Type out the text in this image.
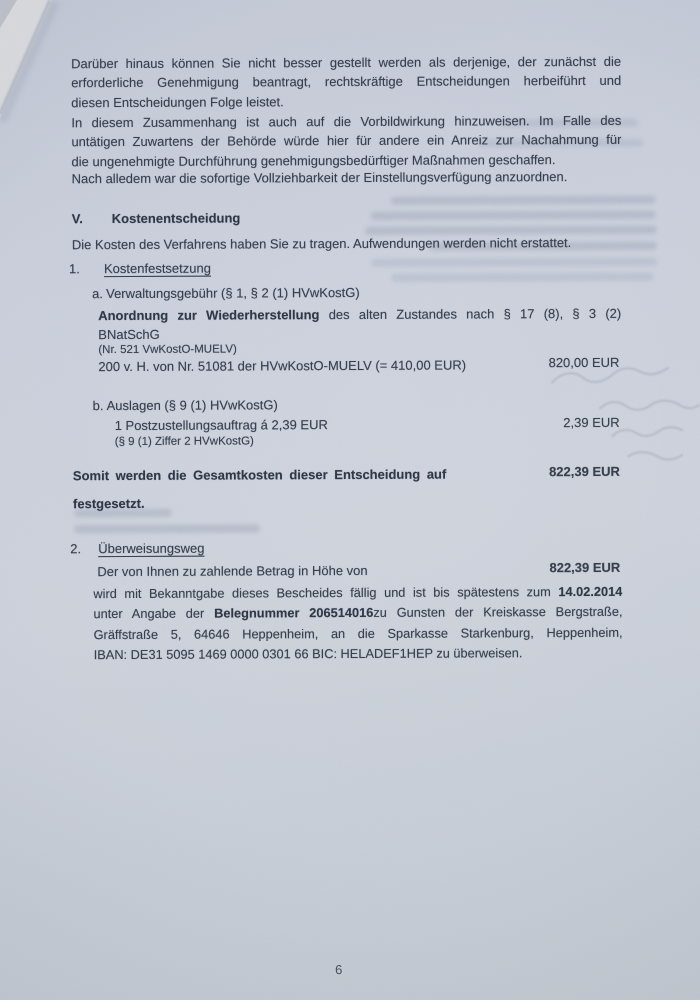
Darüber hinaus können Sie nicht besser gestellt werden als derjenige, der zunächst die
erforderliche Genehmigung beantragt, rechtskräftige Entscheidungen herbeiführt und
diesen Entscheidungen Folge leistet.
In diesem Zusammenhang ist auch auf die Vorbildwirkung hinzuweisen. Im Falle des
untätigen Zuwartens der Behörde würde hier für andere ein Anreiz zur Nachahmung für
die ungenehmigte Durchführung genehmigungsbedürftiger Maßnahmen geschaffen.
Nach alledem war die sofortige Vollziehbarkeit der Einstellungsverfügung anzuordnen.
V. Kostenentscheidung
Die Kosten des Verfahrens haben Sie zu tragen. Aufwendungen werden nicht erstattet.
1. Kostenfestsetzung
a. Verwaltungsgebühr (§ 1, § 2 (1) HVwKostG)
Anordnung zur Wiederherstellung des alten Zustandes nach § 17 (8), § 3 (2)
BNatSchG
(Nr. 521 VwKostO-MUELV)
200 v. H. von Nr. 51081 der HVwKostO-MUELV (= 410,00 EUR)	820,00 EUR
b. Auslagen (§ 9 (1) HVwKostG)
1 Postzustellungsauftrag á 2,39 EUR
(§ 9 (1) Ziffer 2 HVwKostG)
2,39 EUR
Somit werden die Gesamtkosten dieser Entscheidung auf	822,39 EUR
festgesetzt.
2. Überweisungsweg
Der von Ihnen zu zahlende Betrag in Höhe von	822,39 EUR
wird mit Bekanntgabe dieses Bescheides fällig und ist bis spätestens zum 14.02.2014
unter Angabe der Belegnummer 206514016zu Gunsten der Kreiskasse Bergstraße,
Gräffstraße 5, 64646 Heppenheim, an die Sparkasse Starkenburg, Heppenheim,
IBAN: DE31 5095 1469 0000 0301 66 BIC: HELADEF1HEP zu überweisen.
6
